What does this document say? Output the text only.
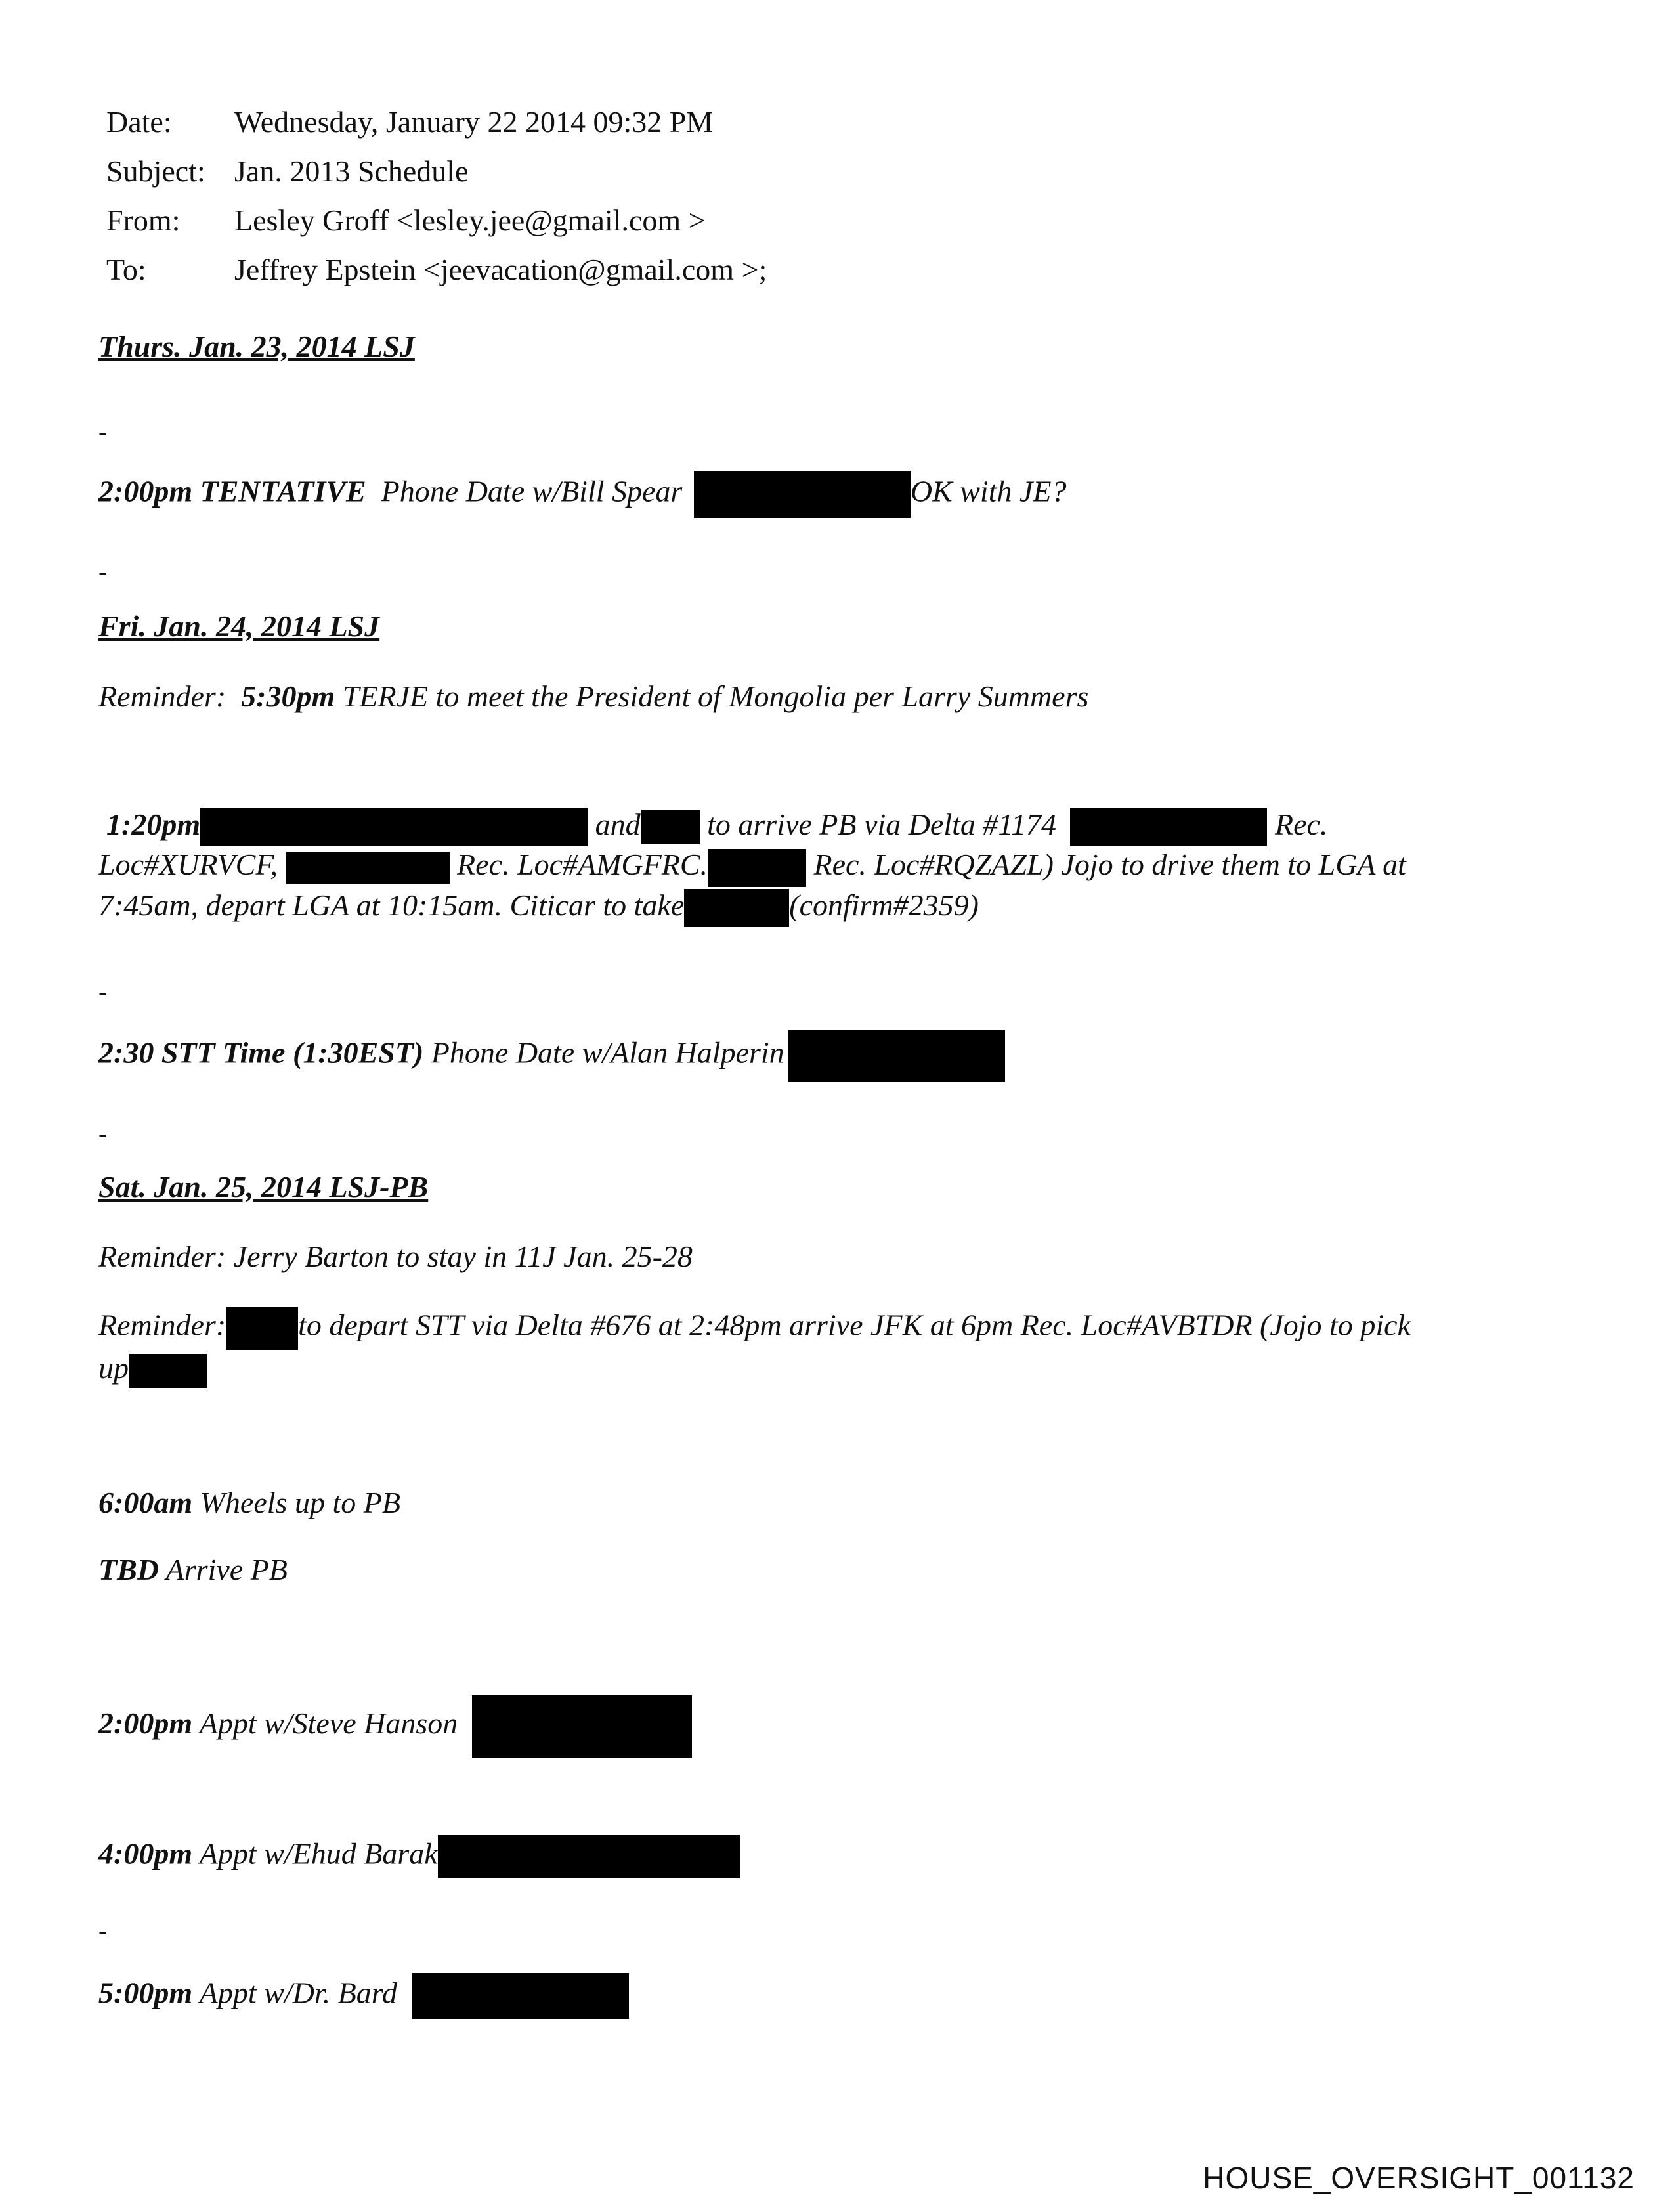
Date: Wednesday, January 22 2014 09:32 PM
Subject: Jan. 2013 Schedule
From: Lesley Groff <lesley.jee@gmail.com >
To:	Jeffrey Epstein <jeevacation@gmail.com >;
Thurs. Jan. 23, 2014 LSJ
-
2:00pm TENTATIVE Phone Date w/Bill Spear	OK with JE?
-
Fri. Jan. 24, 2014 LSJ
Reminder: 5:30pm TERJE to meet the President of Mongolia per Larry Summers
1:20pm	and to arrive PB via Delta #1174	Rec.
Loc#XURVCF,	Rec. Loc#AMGFRC.	Rec. Loc#RQZAZL) Jojo to drive them to LGA at
7:45am, depart LGA at 10:15am. Citicar to take	(confirm#2359)
-
2:30 STT Time (1:30EST) Phone Date w/Alan Halperin
-
Sat. Jan. 25, 2014 LSJ-PB
Reminder: Jerry Barton to stay in 11J Jan. 25-28
Reminder: to depart STT via Delta #676 at 2:48pm arrive JFK at 6pm Rec. Loc#AVBTDR (Jojo to pick
up
6:00am Wheels up to PB
TBD Arrive PB
2:00pm Appt w/Steve Hanson
4:00pm Appt w/Ehud Barak
-
5:00pm Appt w/Dr. Bard
HOUSE_OVERSIGHT_001132
